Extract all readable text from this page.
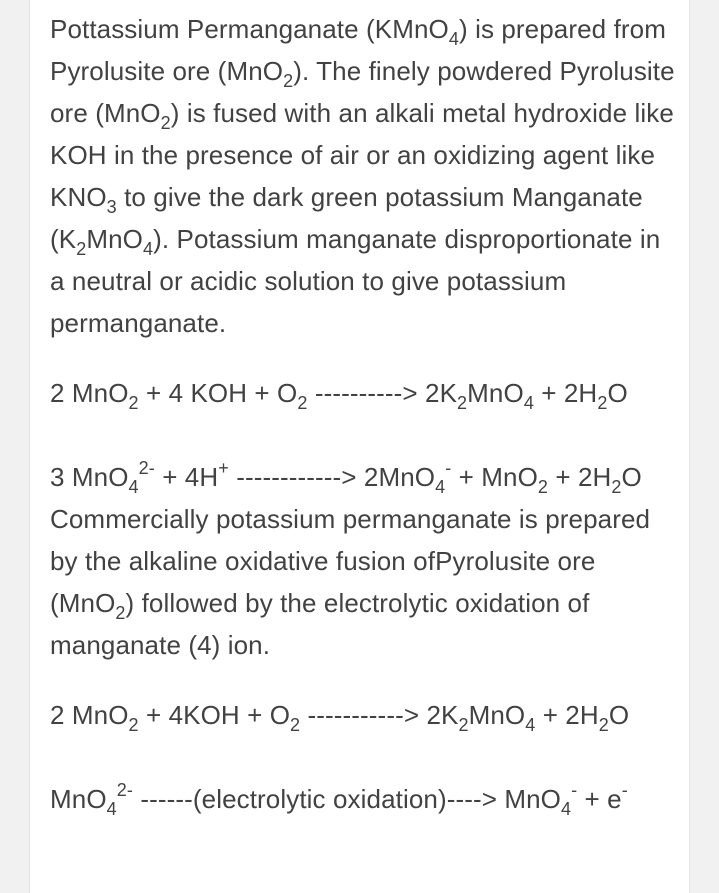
Pottassium Permanganate (KMnO$_4$) is prepared from Pyrolusite ore (MnO$_2$). The finely powdered Pyrolusite ore (MnO$_2$) is fused with an alkali metal hydroxide like KOH in the presence of air or an oxidizing agent like $KNO_3$ to give the dark green potassium Manganate $(K_2MnO_4)$. Potassium manganate disproportionate in a neutral or acidic solution to give potassium permanganate.

2 MnO$_2$ + 4 KOH + $O_2$ ----------> $2K_2MnO_4 + 2H_2O$

3 MnO$_4^{2-}$ + 4H+ ------------> $2MnO_4^- + MnO_2 + 2H_2O$

Commercially potassium permanganate is prepared by the alkaline oxidative fusion ofPyrolusite ore (MnO$_2$) followed by the electrolytic oxidation of manganate (4) ion.

2 $MnO_2 + 4KOH + O_2$ -----------> $2K_2MnO_4 + 2H_2O$

MnO$_4^{2-}$ ------(electrolytic oxidation)----> MnO$_4$- + e-
